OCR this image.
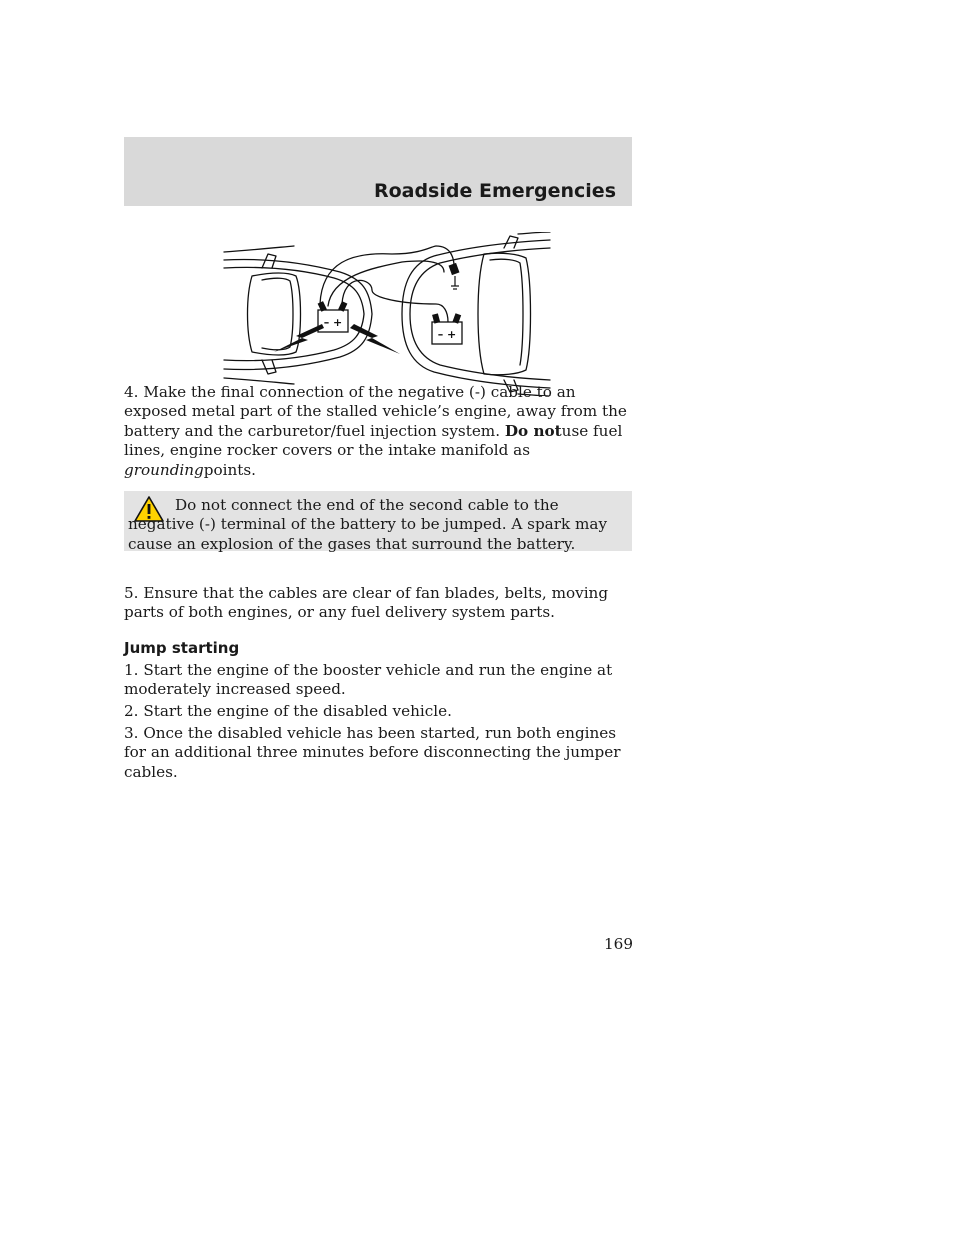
Roadside Emergencies
– +
– +
4. Make the final connection of the negative (-) cable to an exposed metal part of the stalled vehicle’s engine, away from the battery and the carburetor/fuel injection system. Do notuse fuel lines, engine rocker covers or the intake manifold as groundingpoints.
Do not connect the end of the second cable to the negative (-) terminal of the battery to be jumped. A spark may cause an explosion of the gases that surround the battery.
5. Ensure that the cables are clear of fan blades, belts, moving parts of both engines, or any fuel delivery system parts.
Jump starting
1. Start the engine of the booster vehicle and run the engine at moderately increased speed.
2. Start the engine of the disabled vehicle.
3. Once the disabled vehicle has been started, run both engines for an additional three minutes before disconnecting the jumper cables.
169
